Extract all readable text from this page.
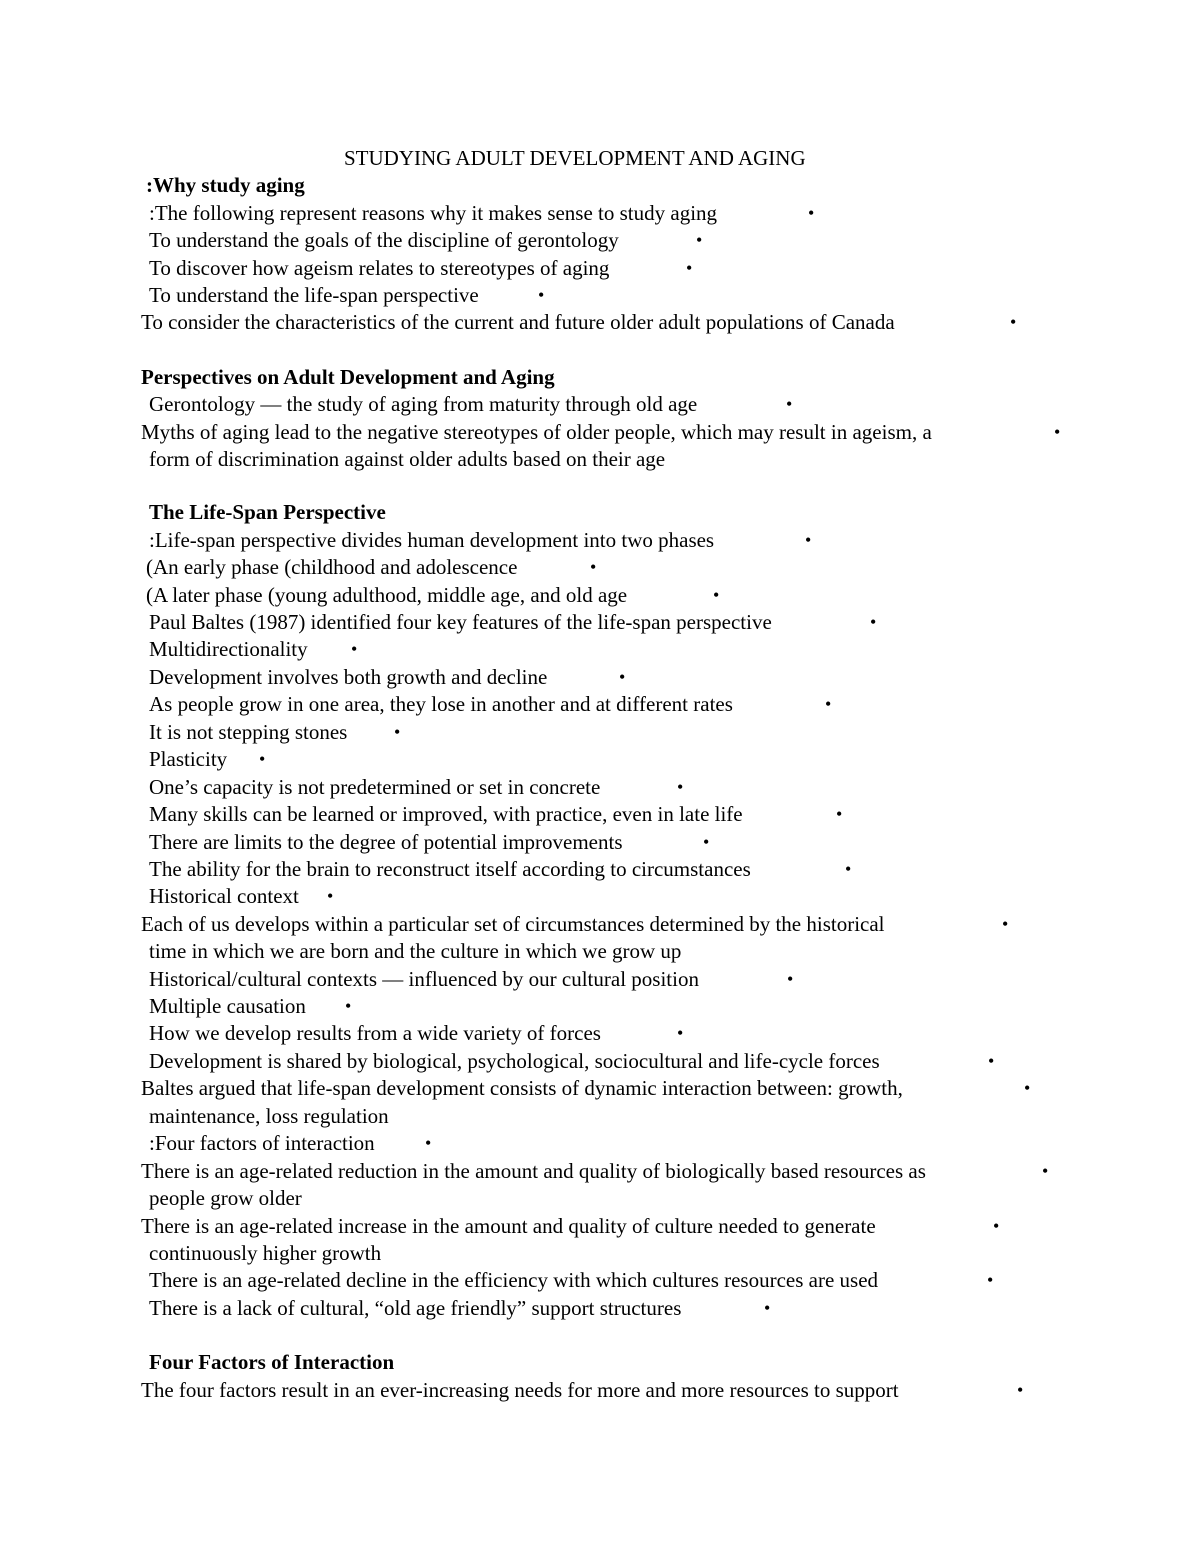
STUDYING ADULT DEVELOPMENT AND AGING
:Why study aging
:The following represent reasons why it makes sense to study aging	•
To understand the goals of the discipline of gerontology	•
To discover how ageism relates to stereotypes of aging	•
To understand the life-span perspective	•
To consider the characteristics of the current and future older adult populations of Canada	•
Perspectives on Adult Development and Aging
Gerontology — the study of aging from maturity through old age	•
Myths of aging lead to the negative stereotypes of older people, which may result in ageism, a	•
form of discrimination against older adults based on their age
The Life-Span Perspective
:Life-span perspective divides human development into two phases	•
(An early phase (childhood and adolescence	•
(A later phase (young adulthood, middle age, and old age	•
Paul Baltes (1987) identified four key features of the life-span perspective	•
Multidirectionality •
Development involves both growth and decline	•
As people grow in one area, they lose in another and at different rates	•
It is not stepping stones	•
Plasticity •
One’s capacity is not predetermined or set in concrete	•
Many skills can be learned or improved, with practice, even in late life	•
There are limits to the degree of potential improvements	•
The ability for the brain to reconstruct itself according to circumstances	•
Historical context •
Each of us develops within a particular set of circumstances determined by the historical	•
time in which we are born and the culture in which we grow up
Historical/cultural contexts — influenced by our cultural position	•
Multiple causation •
How we develop results from a wide variety of forces	•
Development is shared by biological, psychological, sociocultural and life-cycle forces	•
Baltes argued that life-span development consists of dynamic interaction between: growth,	•
maintenance, loss regulation
:Four factors of interaction	•
There is an age-related reduction in the amount and quality of biologically based resources as	•
people grow older
There is an age-related increase in the amount and quality of culture needed to generate	•
continuously higher growth
There is an age-related decline in the efficiency with which cultures resources are used	•
There is a lack of cultural, “old age friendly” support structures	•
Four Factors of Interaction
The four factors result in an ever-increasing needs for more and more resources to support	•
